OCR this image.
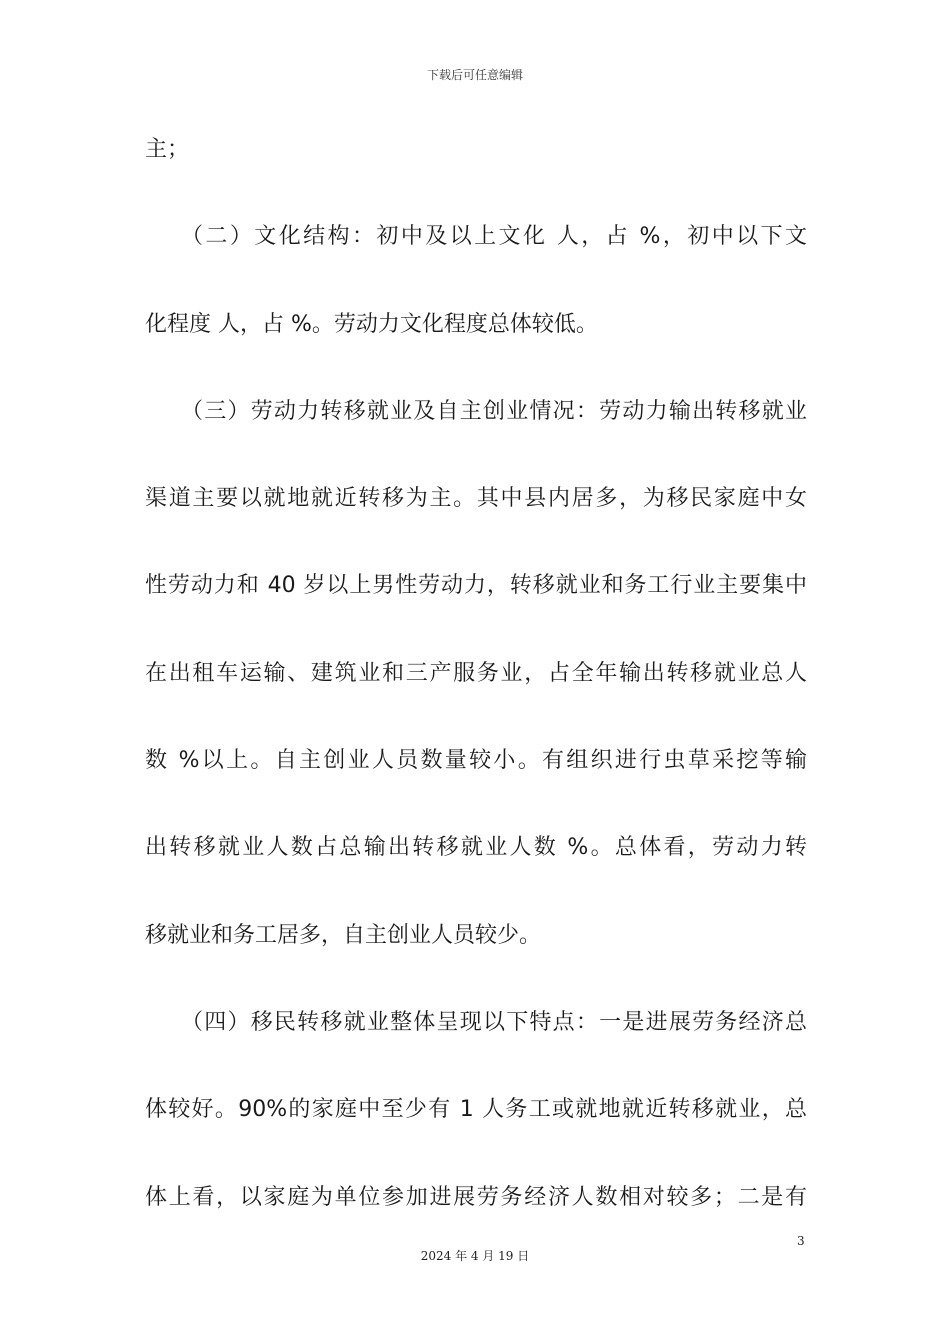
下载后可任意编辑
主；
（二）文化结构：初中及以上文化 人，占 %，初中以下文
化程度 人，占 %。劳动力文化程度总体较低。
（三）劳动力转移就业及自主创业情况：劳动力输出转移就业
渠道主要以就地就近转移为主。其中县内居多，为移民家庭中女
性劳动力和 40 岁以上男性劳动力，转移就业和务工行业主要集中
在出租车运输、建筑业和三产服务业，占全年输出转移就业总人
数 %以上。自主创业人员数量较小。有组织进行虫草采挖等输
出转移就业人数占总输出转移就业人数 %。总体看，劳动力转
移就业和务工居多，自主创业人员较少。
（四）移民转移就业整体呈现以下特点：一是进展劳务经济总
体较好。90%的家庭中至少有 1 人务工或就地就近转移就业，总
体上看，以家庭为单位参加进展劳务经济人数相对较多；二是有
3
2024 年 4 月 19 日
